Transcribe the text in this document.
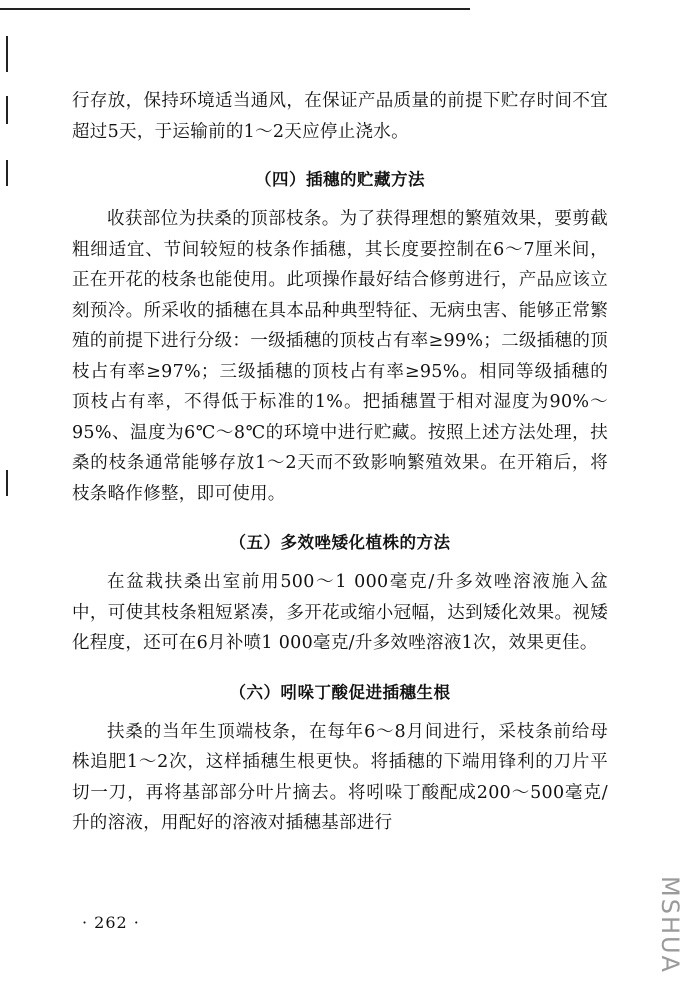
行存放，保持环境适当通风，在保证产品质量的前提下贮存时间不宜超过5天，于运输前的1～2天应停止浇水。

（四）插穗的贮藏方法

收获部位为扶桑的顶部枝条。为了获得理想的繁殖效果，要剪截粗细适宜、节间较短的枝条作插穗，其长度要控制在6～7厘米间，正在开花的枝条也能使用。此项操作最好结合修剪进行，产品应该立刻预冷。所采收的插穗在具本品种典型特征、无病虫害、能够正常繁殖的前提下进行分级：一级插穗的顶枝占有率≥99%；二级插穗的顶枝占有率≥97%；三级插穗的顶枝占有率≥95%。相同等级插穗的顶枝占有率，不得低于标准的1%。把插穗置于相对湿度为90%～95%、温度为6℃～8℃的环境中进行贮藏。按照上述方法处理，扶桑的枝条通常能够存放1～2天而不致影响繁殖效果。在开箱后，将枝条略作修整，即可使用。

（五）多效唑矮化植株的方法

在盆栽扶桑出室前用500～1 000毫克/升多效唑溶液施入盆中，可使其枝条粗短紧凑，多开花或缩小冠幅，达到矮化效果。视矮化程度，还可在6月补喷1 000毫克/升多效唑溶液1次，效果更佳。

（六）吲哚丁酸促进插穗生根

扶桑的当年生顶端枝条，在每年6～8月间进行，采枝条前给母株追肥1～2次，这样插穗生根更快。将插穗的下端用锋利的刀片平切一刀，再将基部部分叶片摘去。将吲哚丁酸配成200～500毫克/升的溶液，用配好的溶液对插穗基部进行

· 262 ·	MSHUA
